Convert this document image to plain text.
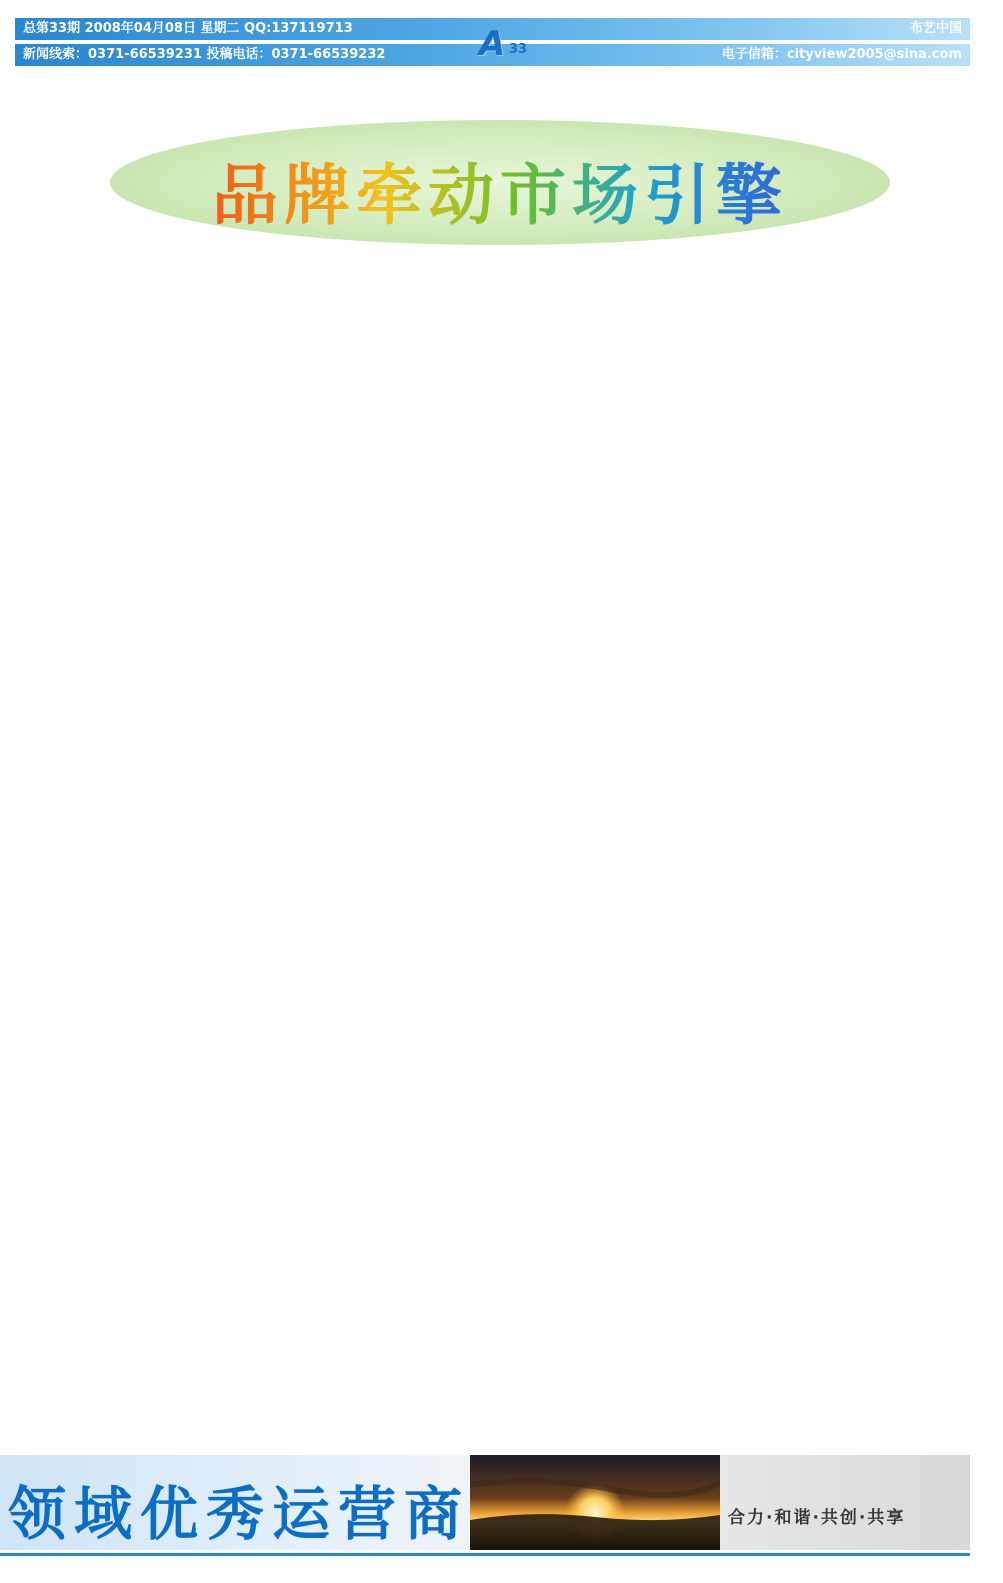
总第33期 2008年04月08日 星期二 QQ:137119713	布艺中国
新闻线索：0371-66539231 投稿电话：0371-66539232	电子信箱：cityview2005@sina.com
A 33
品牌牵动市场引擎

领域优秀运营商	合力·和谐·共创·共享
